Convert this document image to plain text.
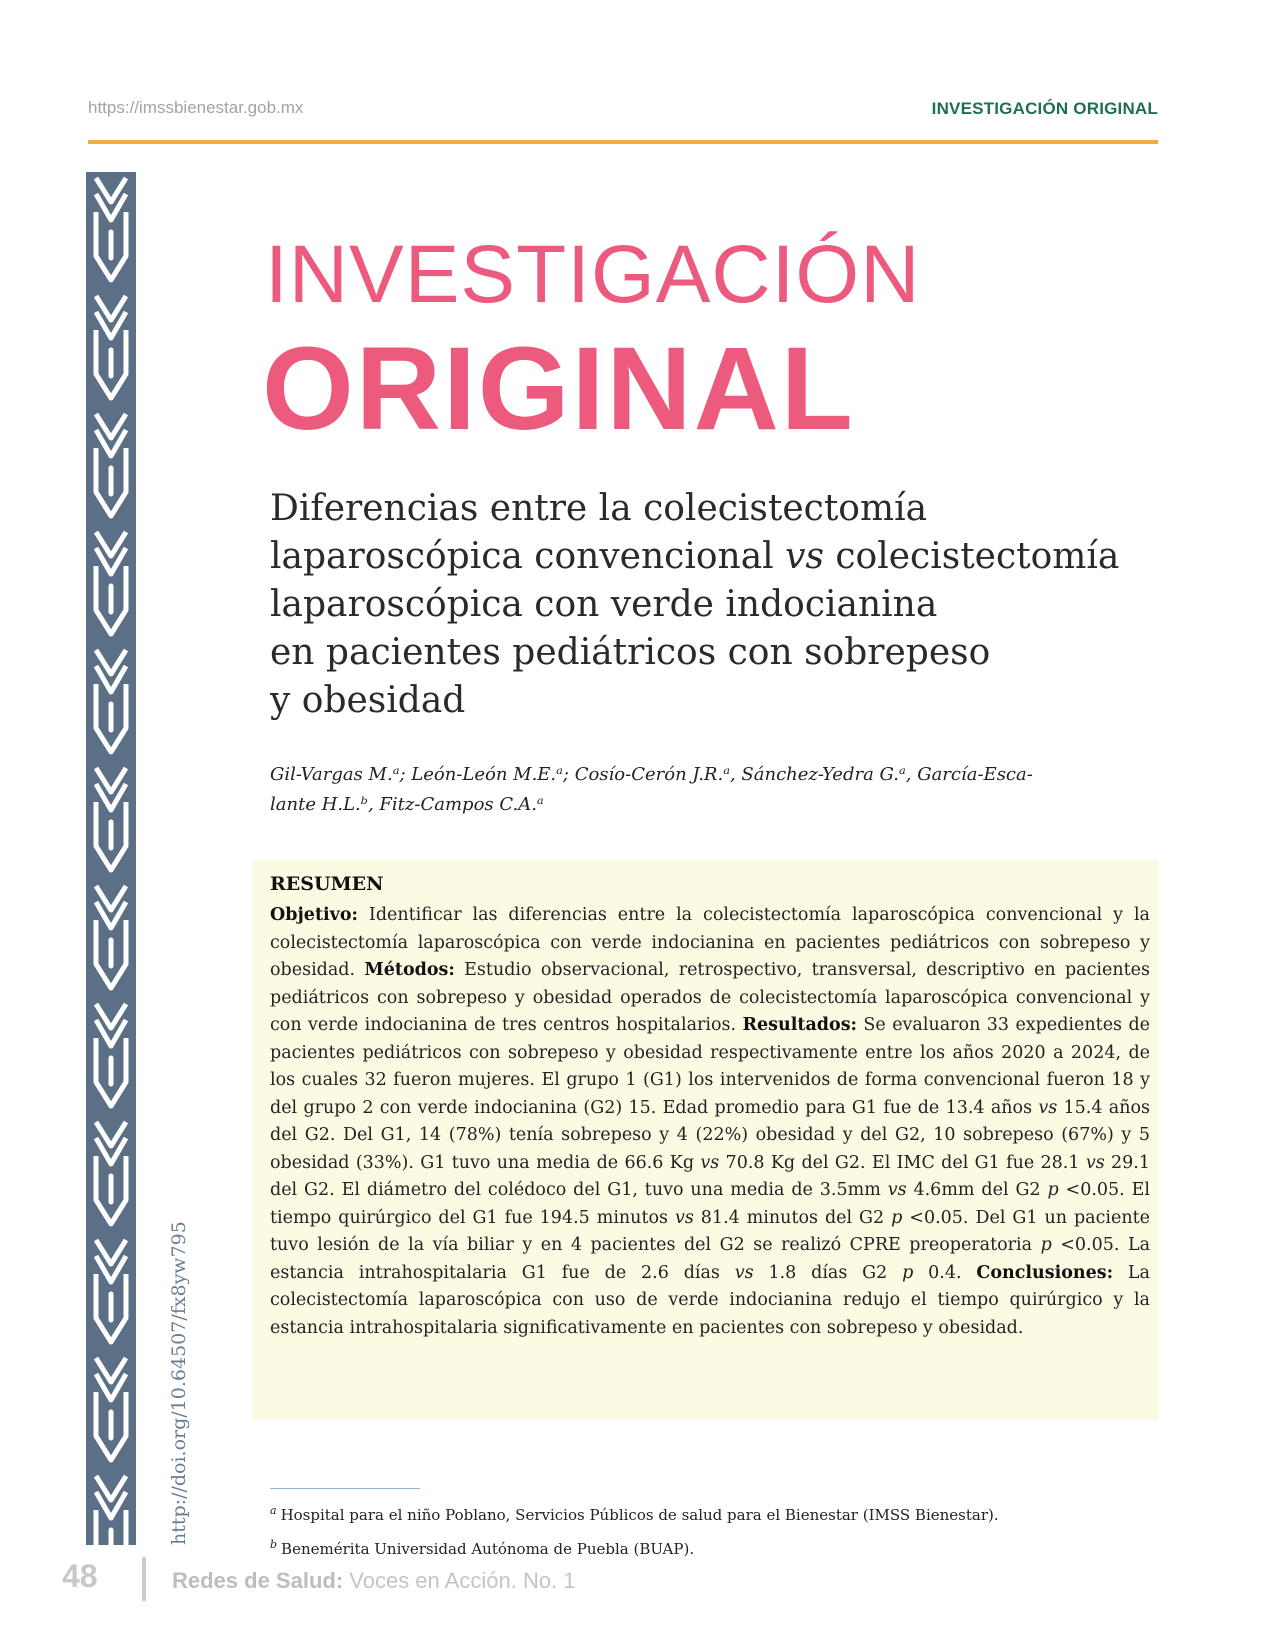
https://imssbienestar.gob.mx	INVESTIGACIÓN ORIGINAL
http://doi.org/10.64507/fx8yw795
INVESTIGACIÓN
ORIGINAL
Diferencias entre la colecistectomía
laparoscópica convencional vs colecistectomía
laparoscópica con verde indocianina
en pacientes pediátricos con sobrepeso
y obesidad
Gil-Vargas M.ᵃ; León-León M.E.ᵃ; Cosío-Cerón J.R.ᵃ, Sánchez-Yedra G.ᵃ, García-Esca-
lante H.L.ᵇ, Fitz-Campos C.A.ᵃ
RESUMEN
Objetivo: Identificar las diferencias entre la colecistectomía laparoscópica convencional y la colecistectomía laparoscópica con verde indocianina en pacientes pediátricos con sobrepeso y obesidad. Métodos: Estudio observacional, retrospectivo, transversal, descriptivo en pacientes pediátricos con sobrepeso y obesidad operados de colecistectomía laparoscópica convencional y con verde indocianina de tres centros hospitalarios. Resultados: Se evaluaron 33 expedientes de pacientes pediátricos con sobrepeso y obesidad respectivamente entre los años 2020 a 2024, de los cuales 32 fueron mujeres. El grupo 1 (G1) los intervenidos de forma convencional fueron 18 y del grupo 2 con verde indocianina (G2) 15. Edad promedio para G1 fue de 13.4 años vs 15.4 años del G2. Del G1, 14 (78%) tenía sobrepeso y 4 (22%) obesidad y del G2, 10 sobrepeso (67%) y 5 obesidad (33%). G1 tuvo una media de 66.6 Kg vs 70.8 Kg del G2. El IMC del G1 fue 28.1 vs 29.1 del G2. El diámetro del colédoco del G1, tuvo una media de 3.5mm vs 4.6mm del G2 p <0.05. El tiempo quirúrgico del G1 fue 194.5 minutos vs 81.4 minutos del G2 p <0.05. Del G1 un paciente tuvo lesión de la vía biliar y en 4 pacientes del G2 se realizó CPRE preoperatoria p <0.05. La estancia intrahospitalaria G1 fue de 2.6 días vs 1.8 días G2 p 0.4. Conclusiones: La colecistectomía laparoscópica con uso de verde indocianina redujo el tiempo quirúrgico y la estancia intrahospitalaria significativamente en pacientes con sobrepeso y obesidad.
$^a$ Hospital para el niño Poblano, Servicios Públicos de salud para el Bienestar (IMSS Bienestar).
$^b$ Benemérita Universidad Autónoma de Puebla (BUAP).
48	Redes de Salud: Voces en Acción. No. 1
